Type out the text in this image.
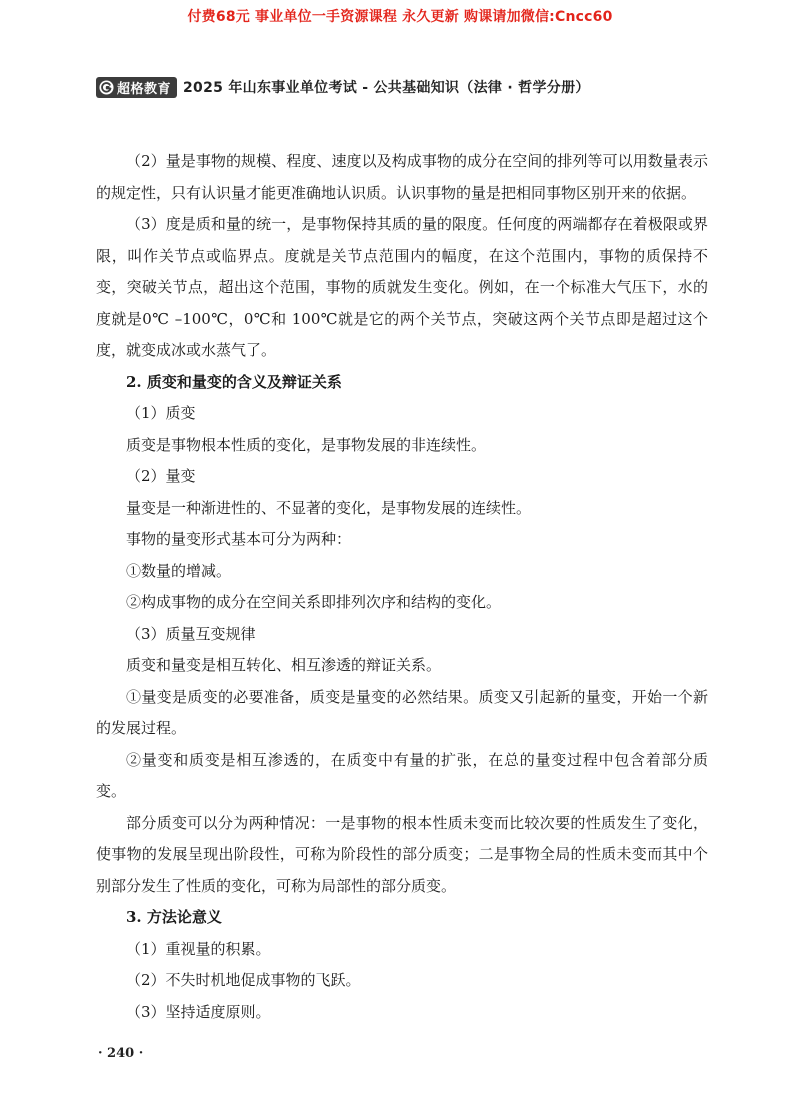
付费68元 事业单位一手资源课程 永久更新 购课请加微信:Cncc60
超格教育 2025 年山东事业单位考试 - 公共基础知识（法律 · 哲学分册）

（2）量是事物的规模、程度、速度以及构成事物的成分在空间的排列等可以用数量表示的规定性，只有认识量才能更准确地认识质。认识事物的量是把相同事物区别开来的依据。

（3）度是质和量的统一，是事物保持其质的量的限度。任何度的两端都存在着极限或界限，叫作关节点或临界点。度就是关节点范围内的幅度，在这个范围内，事物的质保持不变，突破关节点，超出这个范围，事物的质就发生变化。例如，在一个标准大气压下，水的度就是0℃ –100℃，0℃和 100℃就是它的两个关节点，突破这两个关节点即是超过这个度，就变成冰或水蒸气了。

2. 质变和量变的含义及辩证关系

（1）质变

质变是事物根本性质的变化，是事物发展的非连续性。

（2）量变

量变是一种渐进性的、不显著的变化，是事物发展的连续性。

事物的量变形式基本可分为两种：

①数量的增减。

②构成事物的成分在空间关系即排列次序和结构的变化。

（3）质量互变规律

质变和量变是相互转化、相互渗透的辩证关系。

①量变是质变的必要准备，质变是量变的必然结果。质变又引起新的量变，开始一个新的发展过程。

②量变和质变是相互渗透的，在质变中有量的扩张，在总的量变过程中包含着部分质变。

部分质变可以分为两种情况：一是事物的根本性质未变而比较次要的性质发生了变化，使事物的发展呈现出阶段性，可称为阶段性的部分质变；二是事物全局的性质未变而其中个别部分发生了性质的变化，可称为局部性的部分质变。

3. 方法论意义

（1）重视量的积累。

（2）不失时机地促成事物的飞跃。

（3）坚持适度原则。

· 240 ·
